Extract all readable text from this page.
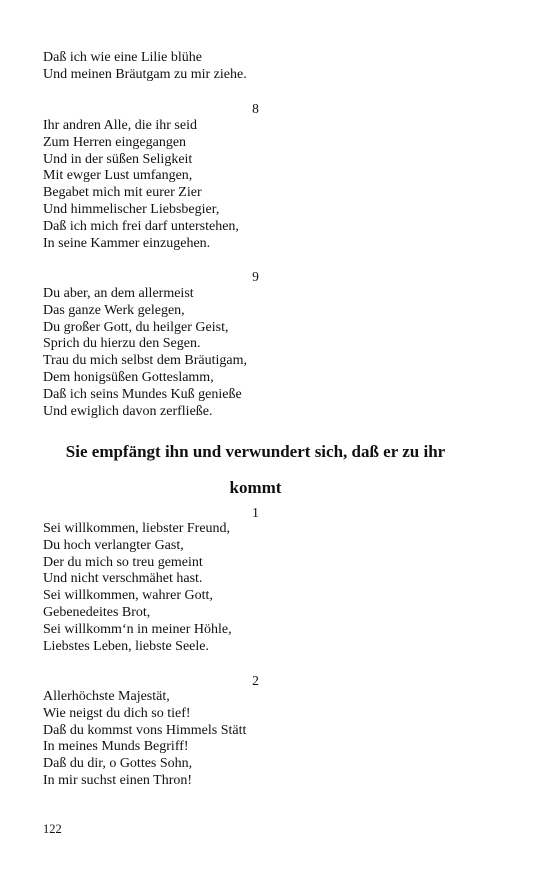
Daß ich wie eine Lilie blühe
Und meinen Bräutgam zu mir ziehe.
8
Ihr andren Alle, die ihr seid
Zum Herren eingegangen
Und in der süßen Seligkeit
Mit ewger Lust umfangen,
Begabet mich mit eurer Zier
Und himmelischer Liebsbegier,
Daß ich mich frei darf unterstehen,
In seine Kammer einzugehen.
9
Du aber, an dem allermeist
Das ganze Werk gelegen,
Du großer Gott, du heilger Geist,
Sprich du hierzu den Segen.
Trau du mich selbst dem Bräutigam,
Dem honigsüßen Gotteslamm,
Daß ich seins Mundes Kuß genieße
Und ewiglich davon zerfließe.
Sie empfängt ihn und verwundert sich, daß er zu ihr
kommt
1
Sei willkommen, liebster Freund,
Du hoch verlangter Gast,
Der du mich so treu gemeint
Und nicht verschmähet hast.
Sei willkommen, wahrer Gott,
Gebenedeites Brot,
Sei willkomm‘n in meiner Höhle,
Liebstes Leben, liebste Seele.
2
Allerhöchste Majestät,
Wie neigst du dich so tief!
Daß du kommst vons Himmels Stätt
In meines Munds Begriff!
Daß du dir, o Gottes Sohn,
In mir suchst einen Thron!
122
